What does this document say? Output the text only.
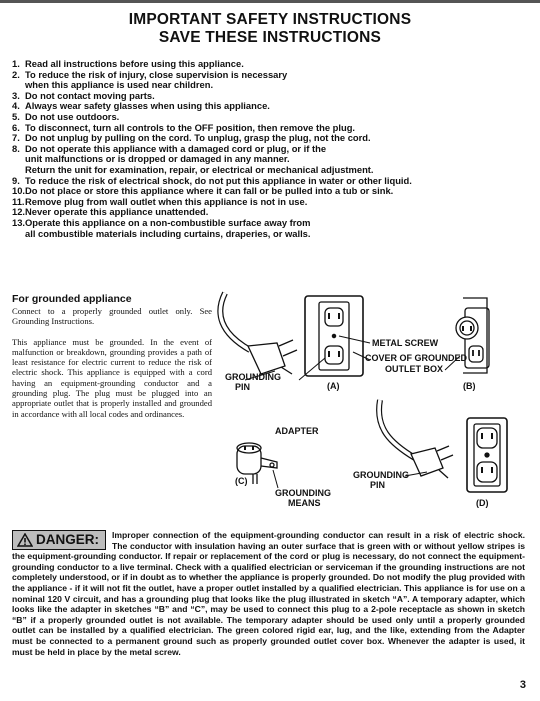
IMPORTANT SAFETY INSTRUCTIONS
SAVE THESE INSTRUCTIONS
1. Read all instructions before using this appliance.
2. To reduce the risk of injury, close supervision is necessary
when this appliance is used near children.
3. Do not contact moving parts.
4. Always wear safety glasses when using this appliance.
5. Do not use outdoors.
6. To disconnect, turn all controls to the OFF position, then remove the plug.
7. Do not unplug by pulling on the cord. To unplug, grasp the plug, not the cord.
8. Do not operate this appliance with a damaged cord or plug, or if the
unit malfunctions or is dropped or damaged in any manner.
Return the unit for examination, repair, or electrical or mechanical adjustment.
9. To reduce the risk of electrical shock, do not put this appliance in water or other liquid.
10. Do not place or store this appliance where it can fall or be pulled into a tub or sink.
11. Remove plug from wall outlet when this appliance is not in use.
12. Never operate this appliance unattended.
13. Operate this appliance on a non-combustible surface away from
all combustible materials including curtains, draperies, or walls.
For grounded appliance
Connect to a properly grounded outlet only. See Grounding Instructions.
This appliance must be grounded. In the event of malfunction or breakdown, grounding provides a path of least resistance for electric current to reduce the risk of electric shock. This appliance is equipped with a cord having an equipment-grounding conductor and a grounding plug. The plug must be plugged into an appropriate outlet that is properly installed and grounded in accordance with all local codes and ordinances.
GROUNDING
PIN	(A)
METAL SCREW
COVER OF GROUNDED
OUTLET BOX
(B)
ADAPTER
(C)
GROUNDING
MEANS
GROUNDING
PIN
(D)
DANGER: Improper connection of the equipment-grounding conductor can result in a risk of electric shock. The conductor with insulation having an outer surface that is green with or without yellow stripes is the equipment-grounding conductor. If repair or replacement of the cord or plug is necessary, do not connect the equipment-grounding conductor to a live terminal. Check with a qualified electrician or serviceman if the grounding instructions are not completely understood, or if in doubt as to whether the appliance is properly grounded. Do not modify the plug provided with the appliance - if it will not fit the outlet, have a proper outlet installed by a qualified electrician. This appliance is for use on a nominal 120 V circuit, and has a grounding plug that looks like the plug illustrated in sketch “A”. A temporary adapter, which looks like the adapter in sketches “B” and “C”, may be used to connect this plug to a 2-pole receptacle as shown in sketch “B” if a properly grounded outlet is not available. The temporary adapter should be used only until a properly grounded outlet can be installed by a qualified electrician. The green colored rigid ear, lug, and the like, extending from the Adapter must be connected to a permanent ground such as properly grounded outlet cover box. Whenever the adapter is used, it must be held in place by the metal screw.
3
